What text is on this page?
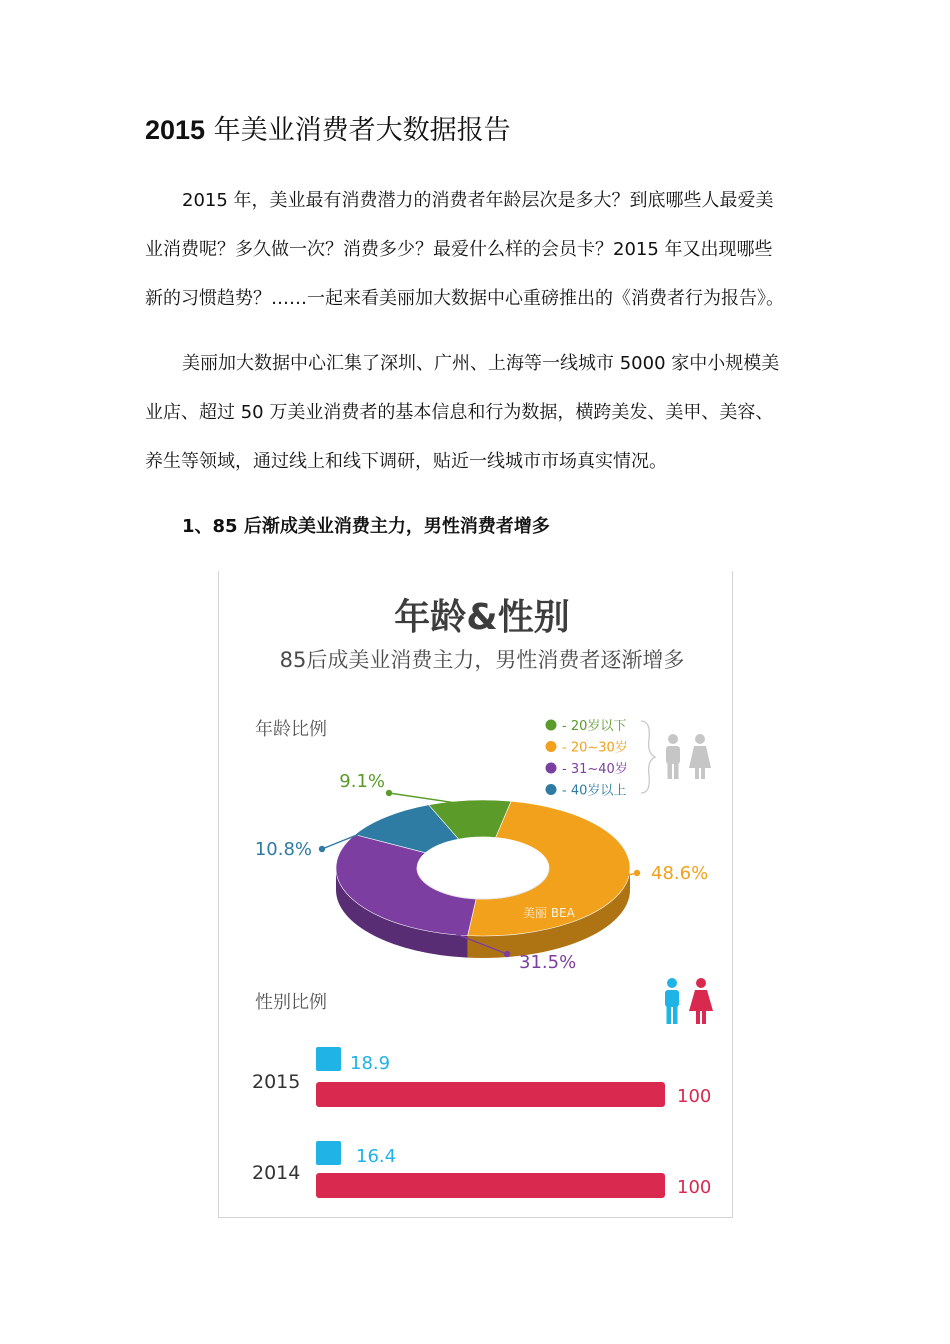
2015 年美业消费者大数据报告
2015 年，美业最有消费潜力的消费者年龄层次是多大？到底哪些人最爱美
业消费呢？多久做一次？消费多少？最爱什么样的会员卡？2015 年又出现哪些
新的习惯趋势？……一起来看美丽加大数据中心重磅推出的《消费者行为报告》。
美丽加大数据中心汇集了深圳、广州、上海等一线城市 5000 家中小规模美
业店、超过 50 万美业消费者的基本信息和行为数据，横跨美发、美甲、美容、
养生等领域，通过线上和线下调研，贴近一线城市市场真实情况。
1、85 后渐成美业消费主力，男性消费者增多
年龄&性别
85后成美业消费主力，男性消费者逐渐增多
年龄比例
性别比例
美丽 BEA
9.1%
48.6%
31.5%
10.8%
- 20岁以下
- 20~30岁
- 31~40岁
- 40岁以上
2015
18.9
100
2014
16.4
100
